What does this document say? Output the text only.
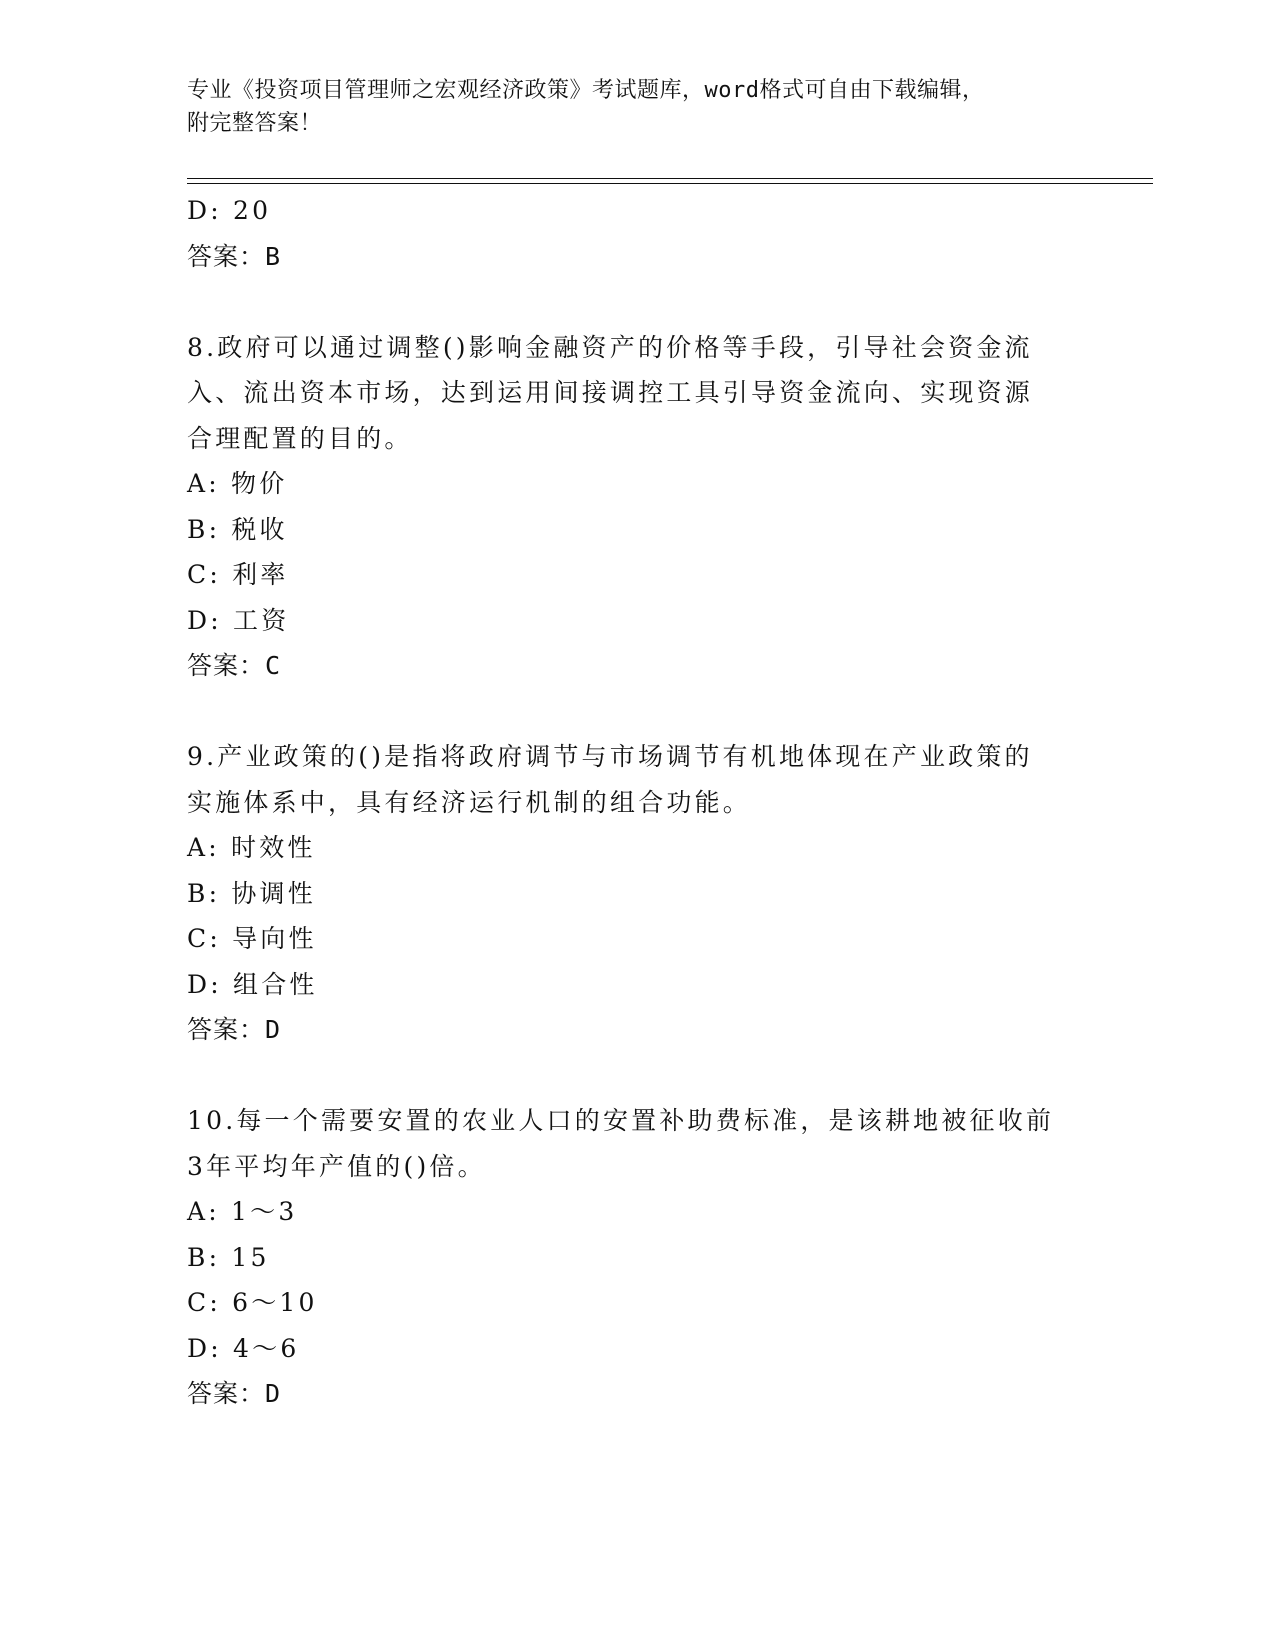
专业《投资项目管理师之宏观经济政策》考试题库，word格式可自由下载编辑，
附完整答案！
D: 20
答案：B
8.政府可以通过调整()影响金融资产的价格等手段，引导社会资金流
入、流出资本市场，达到运用间接调控工具引导资金流向、实现资源
合理配置的目的。
A: 物价
B: 税收
C: 利率
D: 工资
答案：C
9.产业政策的()是指将政府调节与市场调节有机地体现在产业政策的
实施体系中，具有经济运行机制的组合功能。
A: 时效性
B: 协调性
C: 导向性
D: 组合性
答案：D
10.每一个需要安置的农业人口的安置补助费标准，是该耕地被征收前
3年平均年产值的()倍。
A: 1～3
B: 15
C: 6～10
D: 4～6
答案：D
